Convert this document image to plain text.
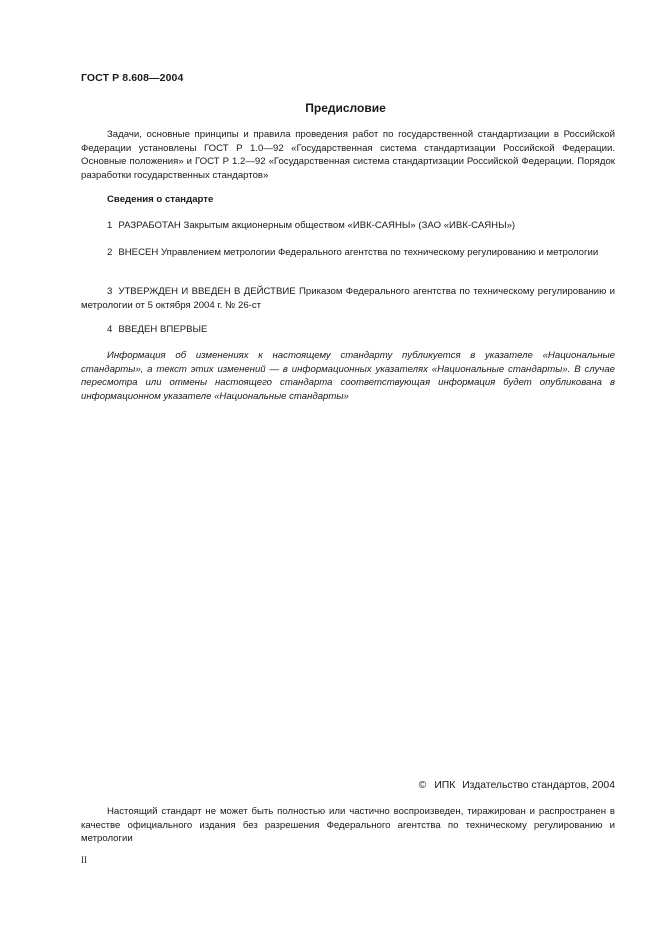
ГОСТ Р 8.608—2004
Предисловие

Задачи, основные принципы и правила проведения работ по государственной стандартизации в Российской Федерации установлены ГОСТ Р 1.0—92 «Государственная система стандартизации Российской Федерации. Основные положения» и ГОСТ Р 1.2—92 «Государственная система стандартизации Российской Федерации. Порядок разработки государственных стандартов»

Сведения о стандарте

1 РАЗРАБОТАН Закрытым акционерным обществом «ИВК-САЯНЫ» (ЗАО «ИВК-САЯНЫ»)

2 ВНЕСЕН Управлением метрологии Федерального агентства по техническому регулированию и метрологии

3 УТВЕРЖДЕН И ВВЕДЕН В ДЕЙСТВИЕ Приказом Федерального агентства по техническому регулированию и метрологии от 5 октября 2004 г. № 26-ст

4 ВВЕДЕН ВПЕРВЫЕ

Информация об изменениях к настоящему стандарту публикуется в указателе «Национальные стандарты», а текст этих изменений — в информационных указателях «Национальные стандарты». В случае пересмотра или отмены настоящего стандарта соответствующая информация будет опубликована в информационном указателе «Национальные стандарты»

© ИПК Издательство стандартов, 2004

Настоящий стандарт не может быть полностью или частично воспроизведен, тиражирован и распространен в качестве официального издания без разрешения Федерального агентства по техническому регулированию и метрологии

II
